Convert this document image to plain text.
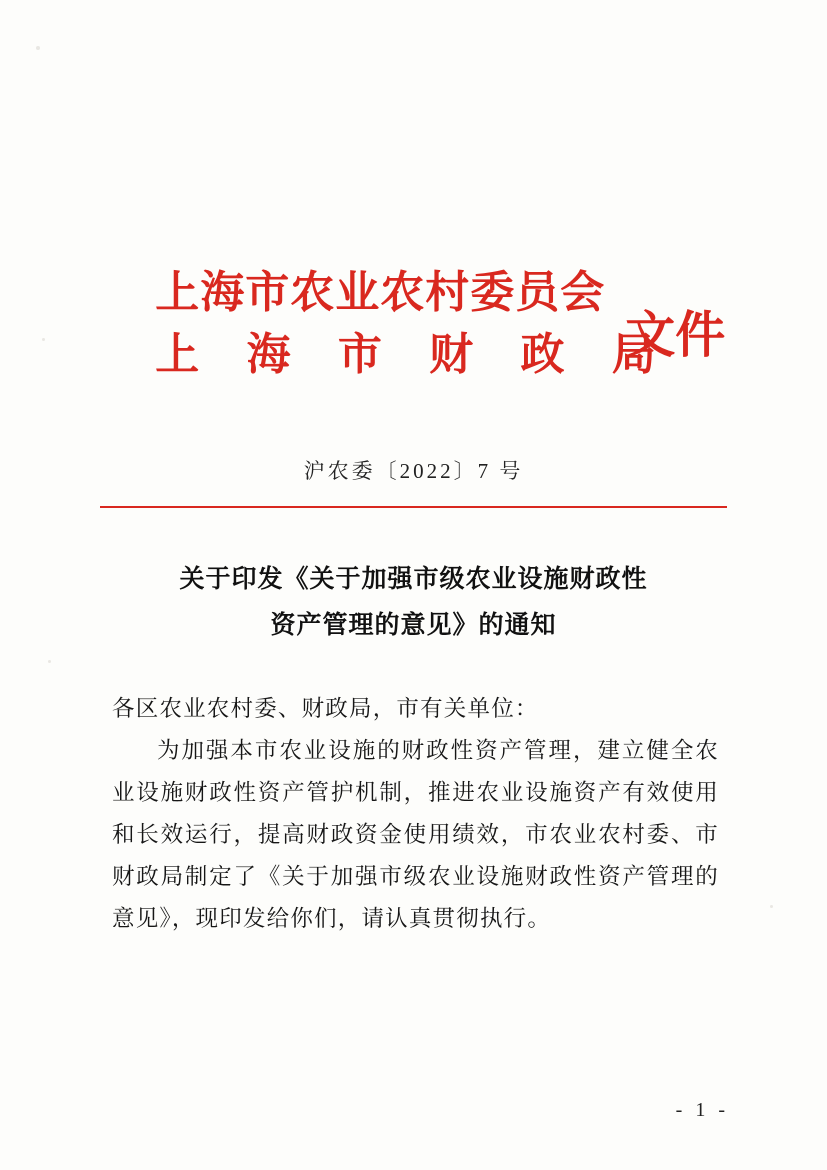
上海市农业农村委员会
上 海 市 财 政 局
文件
沪农委〔2022〕7 号
关于印发《关于加强市级农业设施财政性
资产管理的意见》的通知

各区农业农村委、财政局，市有关单位：

为加强本市农业设施的财政性资产管理，建立健全农业设施财政性资产管护机制，推进农业设施资产有效使用和长效运行，提高财政资金使用绩效，市农业农村委、市财政局制定了《关于加强市级农业设施财政性资产管理的意见》，现印发给你们，请认真贯彻执行。

- 1 -
